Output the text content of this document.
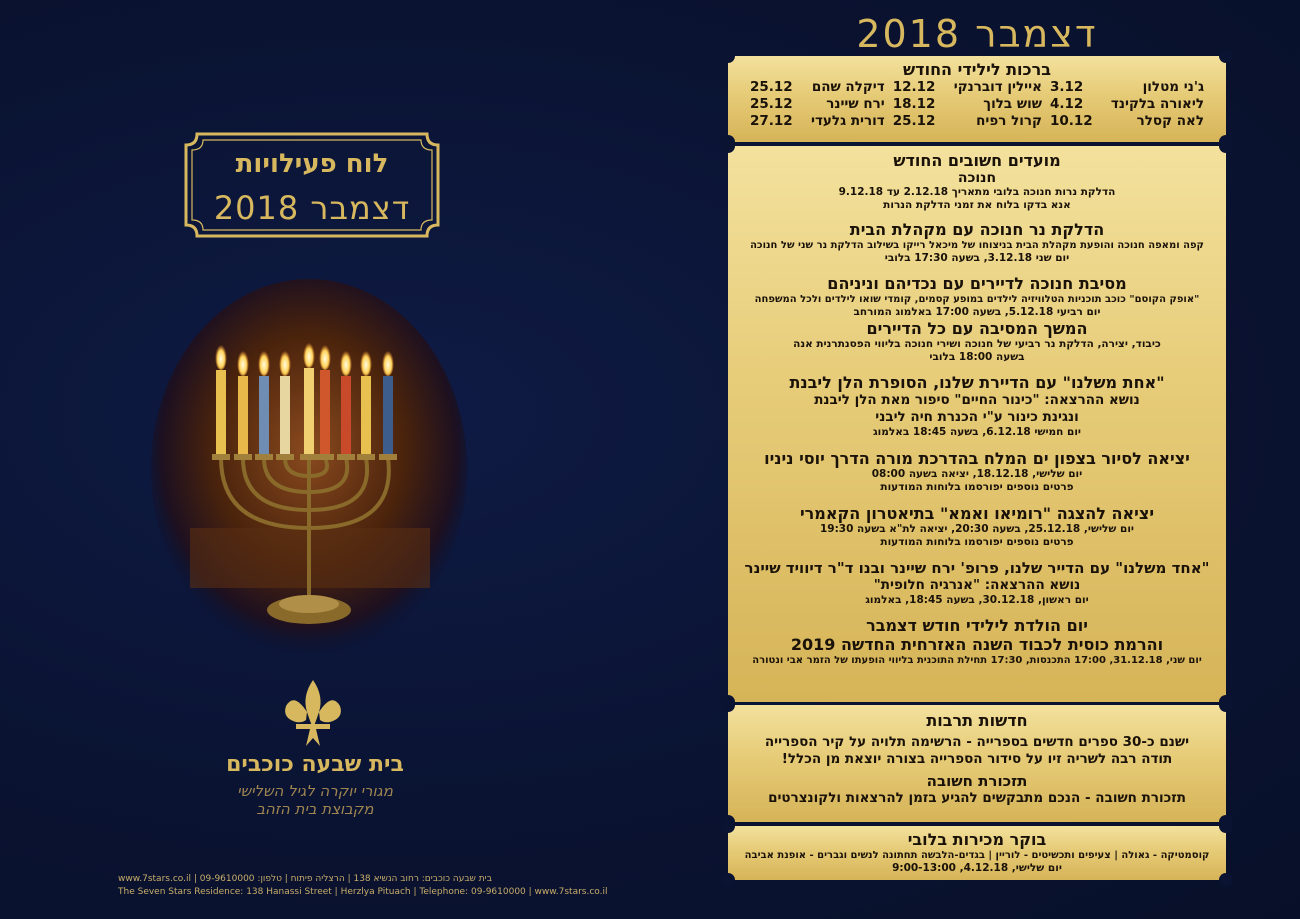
לוח פעילויות
דצמבר 2018
בית שבעה כוכבים
מגורי יוקרה לגיל השלישי
מקבוצת בית הזהב
בית שבעה כוכבים: רחוב הנשיא 138 | הרצליה פיתוח | טלפון: 09-9610000 | www.7stars.co.il
The Seven Stars Residence: 138 Hanassi Street | Herzlya Pituach | Telephone: 09-9610000 | www.7stars.co.il
דצמבר 2018
ברכות לילידי החודש
ג'ני מטלון
3.12
איילין דוברנקי
12.12
דיקלה שהם
25.12
ליאורה בלקינד
4.12
שוש בלוך
18.12
ירח שיינר
25.12
לאה קסלר
10.12
קרול רפיח
25.12
דורית גלעדי
27.12
מועדים חשובים החודש
חנוכה
הדלקת נרות חנוכה בלובי מתאריך 2.12.18 עד 9.12.18
אנא בדקו בלוח את זמני הדלקת הנרות
הדלקת נר חנוכה עם מקהלת הבית
קפה ומאפה חנוכה והופעת מקהלת הבית בניצוחו של מיכאל רייקו בשילוב הדלקת נר שני של חנוכה
יום שני 3.12.18, בשעה 17:30 בלובי
מסיבת חנוכה לדיירים עם נכדיהם וניניהם
"אופק הקוסם" כוכב תוכניות הטלוויזיה לילדים במופע קסמים, קומדי שואו לילדים ולכל המשפחה
יום רביעי 5.12.18, בשעה 17:00 באלמוג המורחב
המשך המסיבה עם כל הדיירים
כיבוד, יצירה, הדלקת נר רביעי של חנוכה ושירי חנוכה בליווי הפסנתרנית אנה
בשעה 18:00 בלובי
"אחת משלנו" עם הדיירת שלנו, הסופרת הלן ליבנת
נושא ההרצאה: "כינור החיים" סיפור מאת הלן ליבנת
ונגינת כינור ע"י הכנרת חיה ליבני
יום חמישי 6.12.18, בשעה 18:45 באלמוג
יציאה לסיור בצפון ים המלח בהדרכת מורה הדרך יוסי ניניו
יום שלישי, 18.12.18, יציאה בשעה 08:00
פרטים נוספים יפורסמו בלוחות המודעות
יציאה להצגה "רומיאו ואמא" בתיאטרון הקאמרי
יום שלישי, 25.12.18, בשעה 20:30, יציאה לת"א בשעה 19:30
פרטים נוספים יפורסמו בלוחות המודעות
"אחד משלנו" עם הדייר שלנו, פרופ' ירח שיינר ובנו ד"ר דיוויד שיינר
נושא ההרצאה: "אנרגיה חלופית"
יום ראשון, 30.12.18, בשעה 18:45, באלמוג
יום הולדת לילידי חודש דצמבר
והרמת כוסית לכבוד השנה האזרחית החדשה 2019
יום שני, 31.12.18, 17:00 התכנסות, 17:30 תחילת התוכנית בליווי הופעתו של הזמר אבי ונטורה
חדשות תרבות
ישנם כ-30 ספרים חדשים בספרייה - הרשימה תלויה על קיר הספרייה
תודה רבה לשריה זיו על סידור הספרייה בצורה יוצאת מן הכלל!
תזכורת חשובה
תזכורת חשובה - הנכם מתבקשים להגיע בזמן להרצאות ולקונצרטים
בוקר מכירות בלובי
קוסמטיקה - גאולה | צעיפים ותכשיטים - לוריין | בגדים-הלבשה תחתונה לנשים וגברים - אופנת אביבה
יום שלישי, 4.12.18, 9:00-13:00
